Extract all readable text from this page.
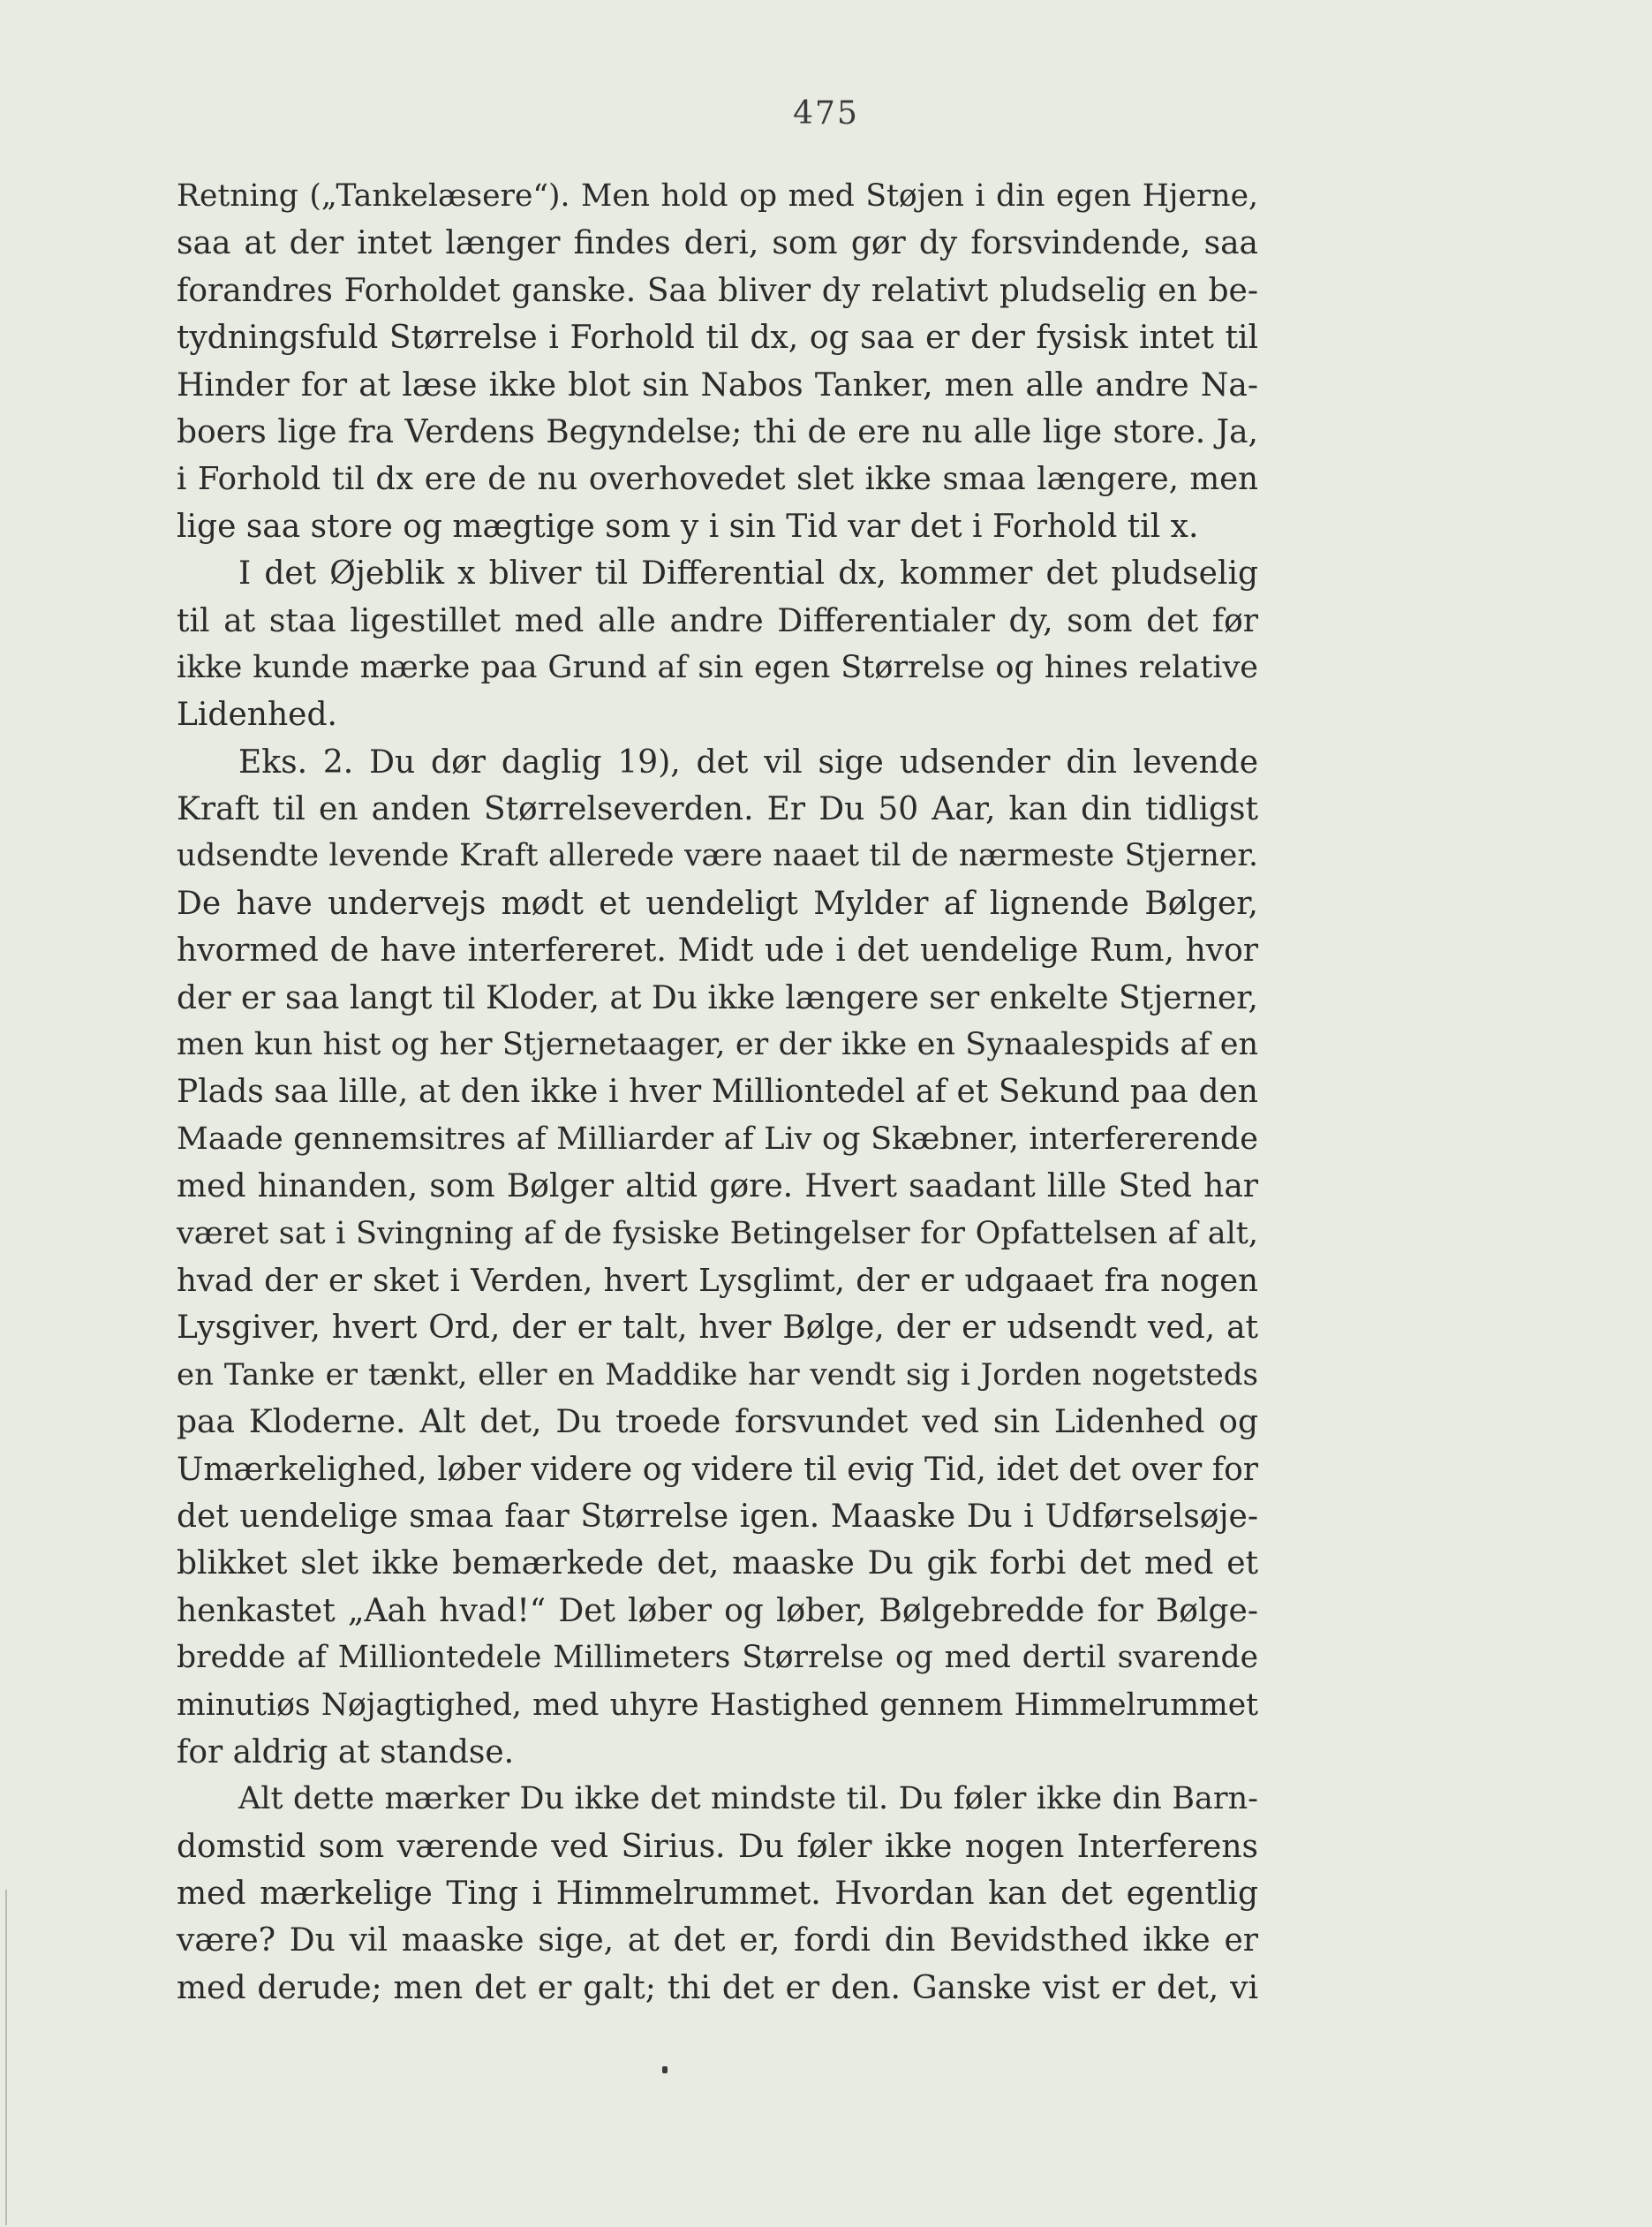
475
Retning („Tankelæsere“). Men hold op med Støjen i din egen Hjerne,
saa at der intet længer findes deri, som gør dy forsvindende, saa
forandres Forholdet ganske. Saa bliver dy relativt pludselig en be-
tydningsfuld Størrelse i Forhold til dx, og saa er der fysisk intet til
Hinder for at læse ikke blot sin Nabos Tanker, men alle andre Na-
boers lige fra Verdens Begyndelse; thi de ere nu alle lige store. Ja,
i Forhold til dx ere de nu overhovedet slet ikke smaa længere, men
lige saa store og mægtige som y i sin Tid var det i Forhold til x.
I det Øjeblik x bliver til Differential dx, kommer det pludselig
til at staa ligestillet med alle andre Differentialer dy, som det før
ikke kunde mærke paa Grund af sin egen Størrelse og hines relative
Lidenhed.
Eks. 2. Du dør daglig 19), det vil sige udsender din levende
Kraft til en anden Størrelseverden. Er Du 50 Aar, kan din tidligst
udsendte levende Kraft allerede være naaet til de nærmeste Stjerner.
De have undervejs mødt et uendeligt Mylder af lignende Bølger,
hvormed de have interfereret. Midt ude i det uendelige Rum, hvor
der er saa langt til Kloder, at Du ikke længere ser enkelte Stjerner,
men kun hist og her Stjernetaager, er der ikke en Synaalespids af en
Plads saa lille, at den ikke i hver Milliontedel af et Sekund paa den
Maade gennemsitres af Milliarder af Liv og Skæbner, interfererende
med hinanden, som Bølger altid gøre. Hvert saadant lille Sted har
været sat i Svingning af de fysiske Betingelser for Opfattelsen af alt,
hvad der er sket i Verden, hvert Lysglimt, der er udgaaet fra nogen
Lysgiver, hvert Ord, der er talt, hver Bølge, der er udsendt ved, at
en Tanke er tænkt, eller en Maddike har vendt sig i Jorden nogetsteds
paa Kloderne. Alt det, Du troede forsvundet ved sin Lidenhed og
Umærkelighed, løber videre og videre til evig Tid, idet det over for
det uendelige smaa faar Størrelse igen. Maaske Du i Udførselsøje-
blikket slet ikke bemærkede det, maaske Du gik forbi det med et
henkastet „Aah hvad!“ Det løber og løber, Bølgebredde for Bølge-
bredde af Milliontedele Millimeters Størrelse og med dertil svarende
minutiøs Nøjagtighed, med uhyre Hastighed gennem Himmelrummet
for aldrig at standse.
Alt dette mærker Du ikke det mindste til. Du føler ikke din Barn-
domstid som værende ved Sirius. Du føler ikke nogen Interferens
med mærkelige Ting i Himmelrummet. Hvordan kan det egentlig
være? Du vil maaske sige, at det er, fordi din Bevidsthed ikke er
med derude; men det er galt; thi det er den. Ganske vist er det, vi
